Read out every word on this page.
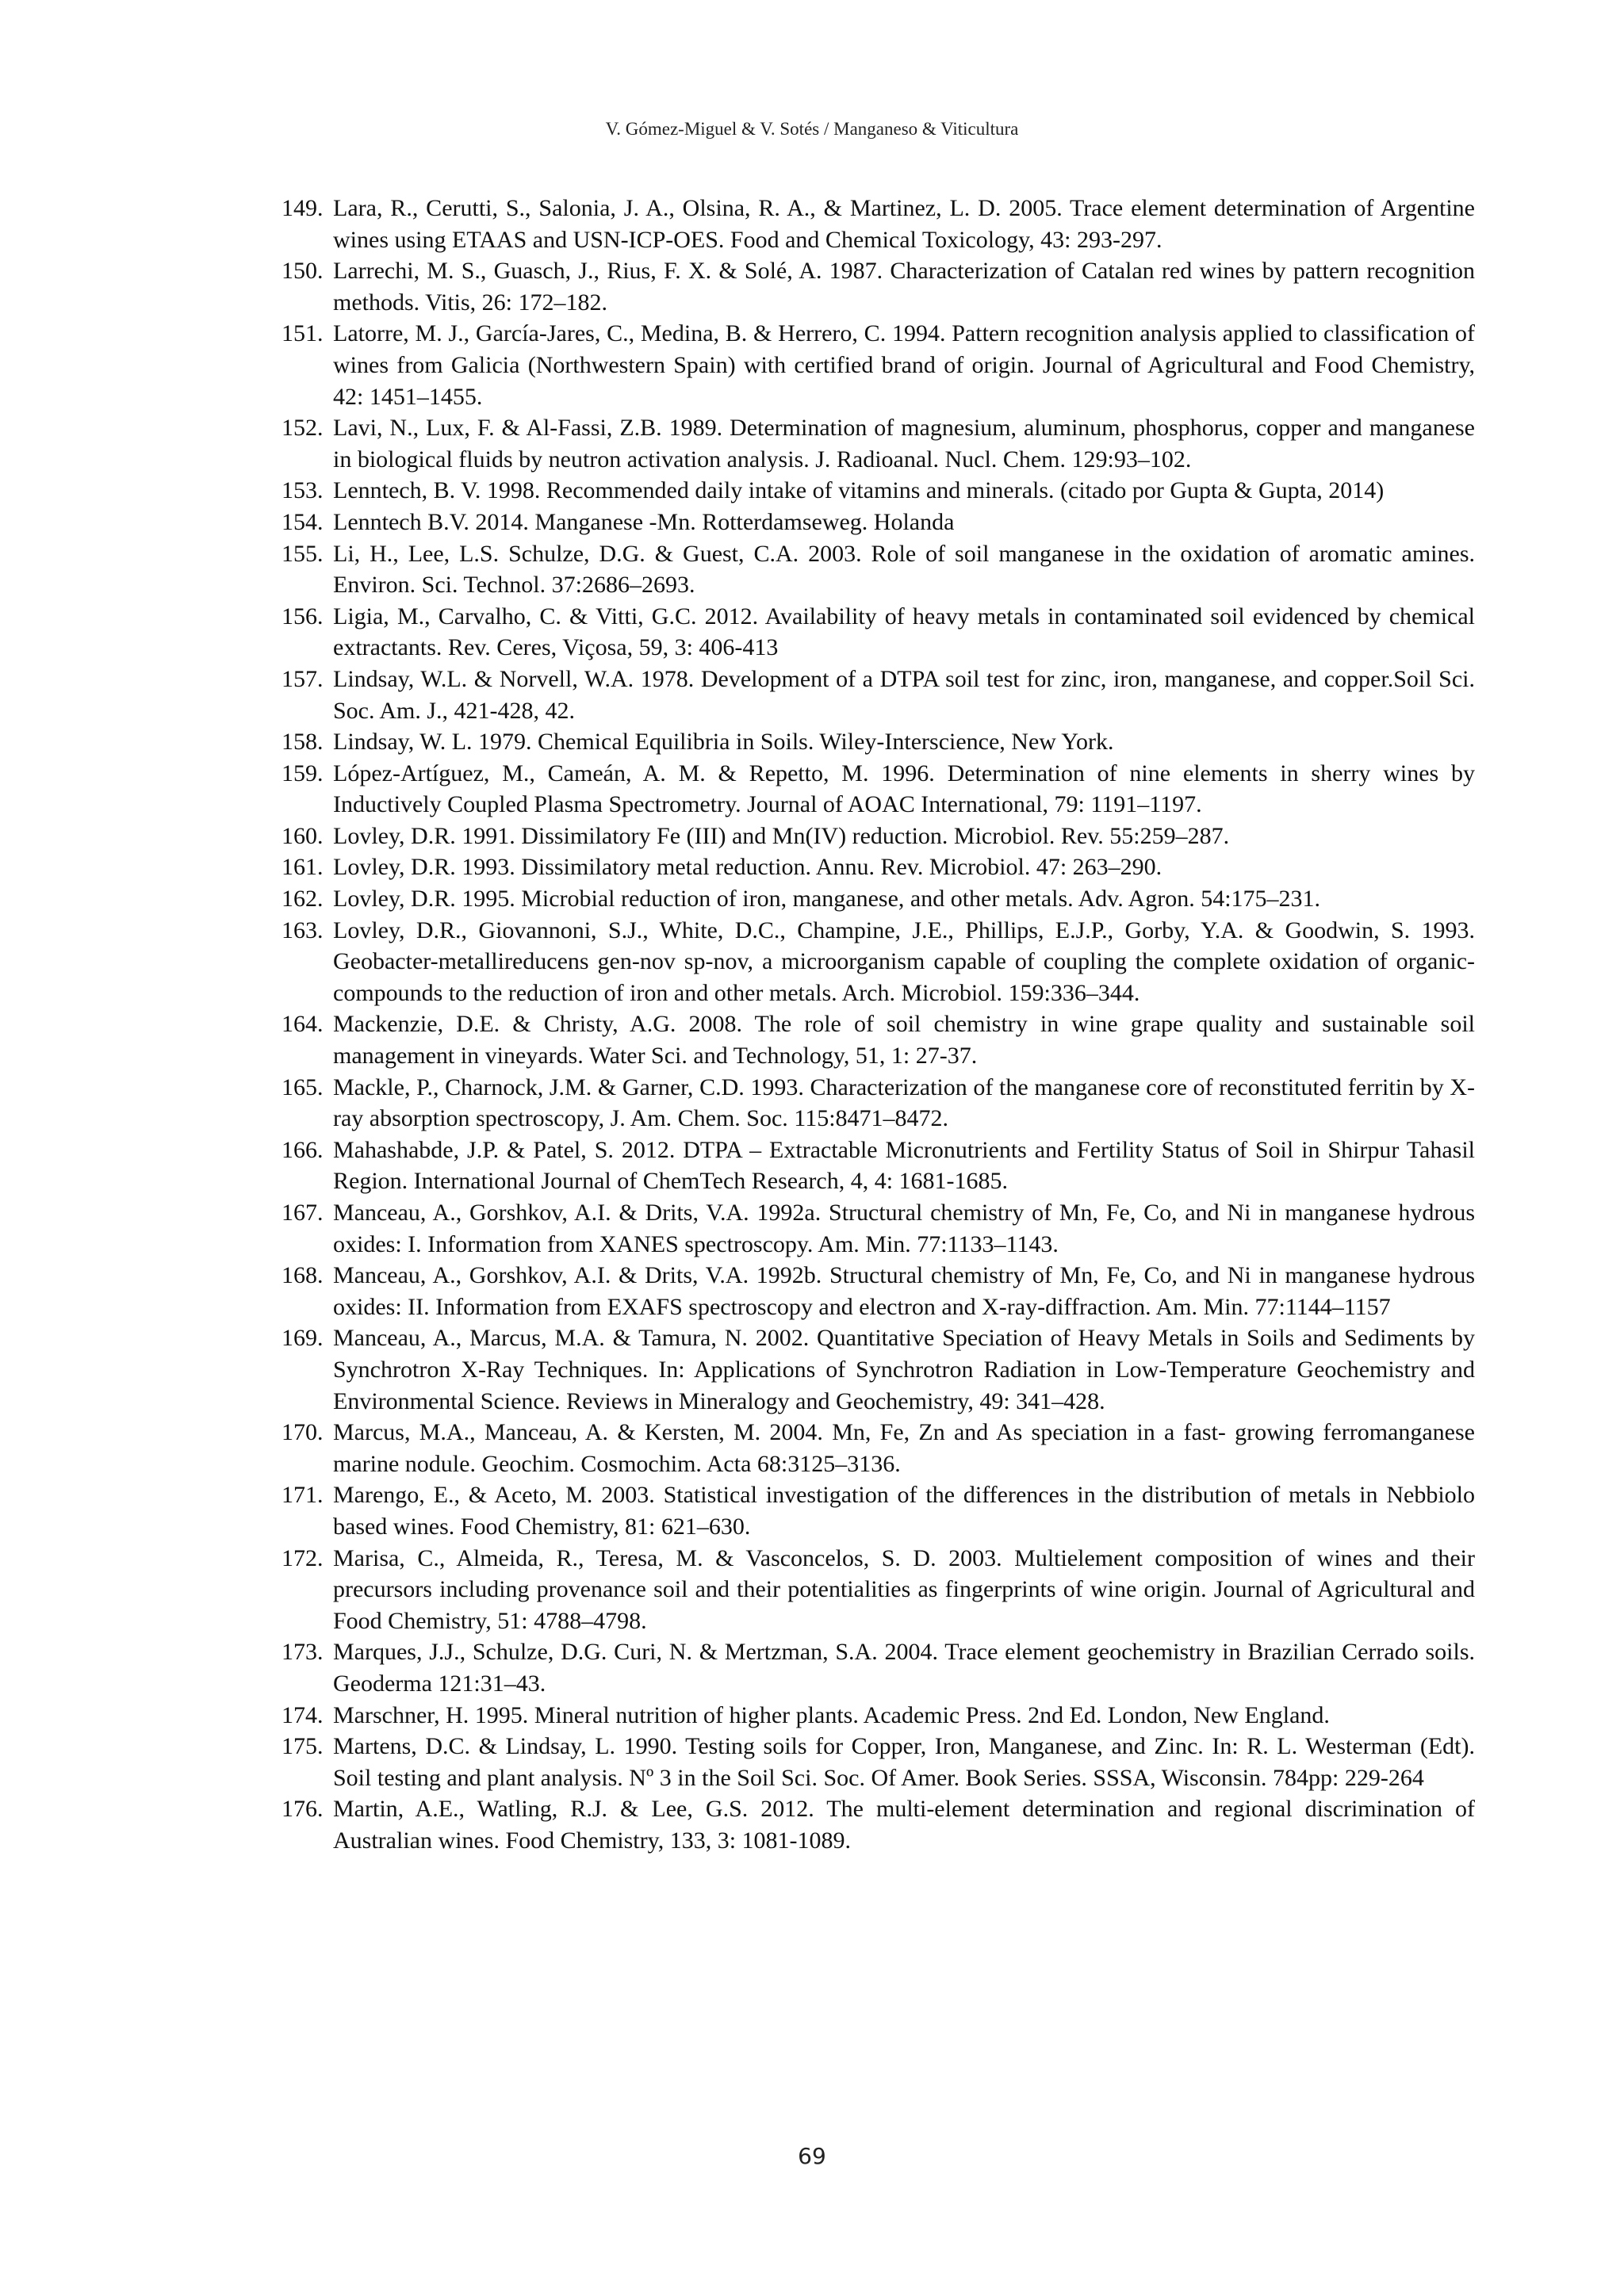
V. Gómez-Miguel & V. Sotés / Manganeso & Viticultura
149. Lara, R., Cerutti, S., Salonia, J. A., Olsina, R. A., & Martinez, L. D. 2005. Trace element determination of Argentine wines using ETAAS and USN-ICP-OES. Food and Chemical Toxicology, 43: 293-297.
150. Larrechi, M. S., Guasch, J., Rius, F. X. & Solé, A. 1987. Characterization of Catalan red wines by pattern recognition methods. Vitis, 26: 172–182.
151. Latorre, M. J., García-Jares, C., Medina, B. & Herrero, C. 1994. Pattern recognition analysis applied to classification of wines from Galicia (Northwestern Spain) with certified brand of origin. Journal of Agricultural and Food Chemistry, 42: 1451–1455.
152. Lavi, N., Lux, F. & Al-Fassi, Z.B. 1989. Determination of magnesium, aluminum, phosphorus, copper and manganese in biological fluids by neutron activation analysis. J. Radioanal. Nucl. Chem. 129:93–102.
153. Lenntech, B. V. 1998. Recommended daily intake of vitamins and minerals. (citado por Gupta & Gupta, 2014)
154. Lenntech B.V. 2014. Manganese -Mn. Rotterdamseweg. Holanda
155. Li, H., Lee, L.S. Schulze, D.G. & Guest, C.A. 2003. Role of soil manganese in the oxidation of aromatic amines. Environ. Sci. Technol. 37:2686–2693.
156. Ligia, M., Carvalho, C. & Vitti, G.C. 2012. Availability of heavy metals in contaminated soil evidenced by chemical extractants. Rev. Ceres, Viçosa, 59, 3: 406-413
157. Lindsay, W.L. & Norvell, W.A. 1978. Development of a DTPA soil test for zinc, iron, manganese, and copper.Soil Sci. Soc. Am. J., 421-428, 42.
158. Lindsay, W. L. 1979. Chemical Equilibria in Soils. Wiley-Interscience, New York.
159. López-Artíguez, M., Cameán, A. M. & Repetto, M. 1996. Determination of nine elements in sherry wines by Inductively Coupled Plasma Spectrometry. Journal of AOAC International, 79: 1191–1197.
160. Lovley, D.R. 1991. Dissimilatory Fe (III) and Mn(IV) reduction. Microbiol. Rev. 55:259–287.
161. Lovley, D.R. 1993. Dissimilatory metal reduction. Annu. Rev. Microbiol. 47: 263–290.
162. Lovley, D.R. 1995. Microbial reduction of iron, manganese, and other metals. Adv. Agron. 54:175–231.
163. Lovley, D.R., Giovannoni, S.J., White, D.C., Champine, J.E., Phillips, E.J.P., Gorby, Y.A. & Goodwin, S. 1993. Geobacter-metallireducens gen-nov sp-nov, a microorganism capable of coupling the complete oxidation of organic-compounds to the reduction of iron and other metals. Arch. Microbiol. 159:336–344.
164. Mackenzie, D.E. & Christy, A.G. 2008. The role of soil chemistry in wine grape quality and sustainable soil management in vineyards. Water Sci. and Technology, 51, 1: 27-37.
165. Mackle, P., Charnock, J.M. & Garner, C.D. 1993. Characterization of the manganese core of reconstituted ferritin by X-ray absorption spectroscopy, J. Am. Chem. Soc. 115:8471–8472.
166. Mahashabde, J.P. & Patel, S. 2012. DTPA – Extractable Micronutrients and Fertility Status of Soil in Shirpur Tahasil Region. International Journal of ChemTech Research, 4, 4: 1681-1685.
167. Manceau, A., Gorshkov, A.I. & Drits, V.A. 1992a. Structural chemistry of Mn, Fe, Co, and Ni in manganese hydrous oxides: I. Information from XANES spectroscopy. Am. Min. 77:1133–1143.
168. Manceau, A., Gorshkov, A.I. & Drits, V.A. 1992b. Structural chemistry of Mn, Fe, Co, and Ni in manganese hydrous oxides: II. Information from EXAFS spectroscopy and electron and X-ray-diffraction. Am. Min. 77:1144–1157
169. Manceau, A., Marcus, M.A. & Tamura, N. 2002. Quantitative Speciation of Heavy Metals in Soils and Sediments by Synchrotron X-Ray Techniques. In: Applications of Synchrotron Radiation in Low-Temperature Geochemistry and Environmental Science. Reviews in Mineralogy and Geochemistry, 49: 341–428.
170. Marcus, M.A., Manceau, A. & Kersten, M. 2004. Mn, Fe, Zn and As speciation in a fast- growing ferromanganese marine nodule. Geochim. Cosmochim. Acta 68:3125–3136.
171. Marengo, E., & Aceto, M. 2003. Statistical investigation of the differences in the distribution of metals in Nebbiolo based wines. Food Chemistry, 81: 621–630.
172. Marisa, C., Almeida, R., Teresa, M. & Vasconcelos, S. D. 2003. Multielement composition of wines and their precursors including provenance soil and their potentialities as fingerprints of wine origin. Journal of Agricultural and Food Chemistry, 51: 4788–4798.
173. Marques, J.J., Schulze, D.G. Curi, N. & Mertzman, S.A. 2004. Trace element geochemistry in Brazilian Cerrado soils. Geoderma 121:31–43.
174. Marschner, H. 1995. Mineral nutrition of higher plants. Academic Press. 2nd Ed. London, New England.
175. Martens, D.C. & Lindsay, L. 1990. Testing soils for Copper, Iron, Manganese, and Zinc. In: R. L. Westerman (Edt). Soil testing and plant analysis. Nº 3 in the Soil Sci. Soc. Of Amer. Book Series. SSSA, Wisconsin. 784pp: 229-264
176. Martin, A.E., Watling, R.J. & Lee, G.S. 2012. The multi-element determination and regional discrimination of Australian wines. Food Chemistry, 133, 3: 1081-1089.
69
